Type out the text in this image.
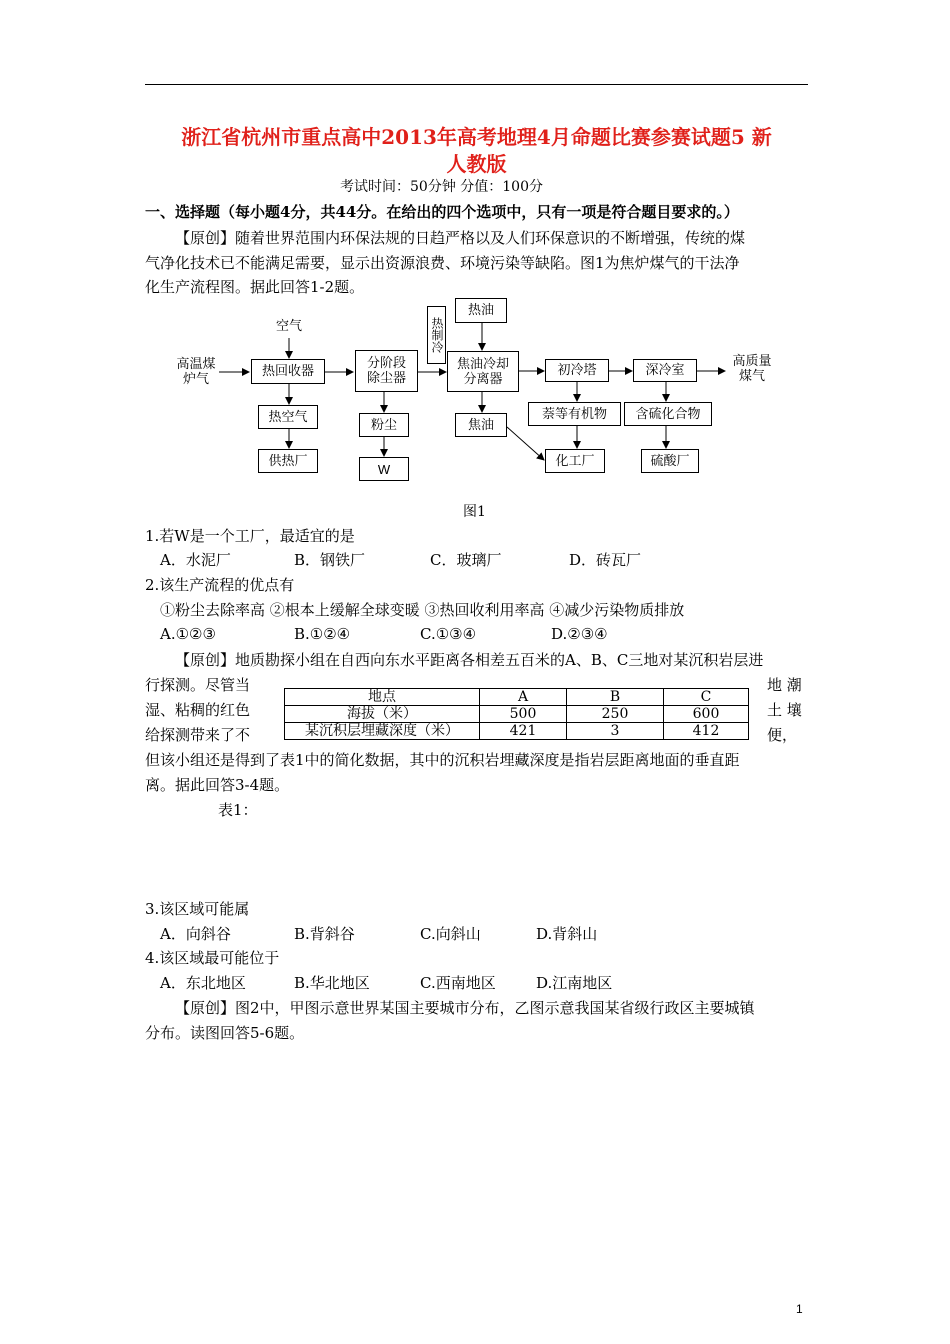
浙江省杭州市重点高中2013年高考地理4月命题比赛参赛试题5 新
人教版
考试时间：50分钟 分值：100分
一、选择题（每小题4分，共44分。在给出的四个选项中，只有一项是符合题目要求的。）
【原创】随着世界范围内环保法规的日趋严格以及人们环保意识的不断增强，传统的煤
气净化技术已不能满足需要，显示出资源浪费、环境污染等缺陷。图1为焦炉煤气的干法净
化生产流程图。据此回答1-2题。
高温煤
炉气
空气
热回收器
热空气
供热厂
分阶段
除尘器
粉尘
W
热油
热制冷
焦油冷却
分离器
焦油
初冷塔	深冷室
萘等有机物	含硫化合物
化工厂	硫酸厂
高质量
煤气
图1
1.若W是一个工厂，最适宜的是
A．水泥厂	B．钢铁厂	C．玻璃厂	D．砖瓦厂
2.该生产流程的优点有
①粉尘去除率高 ②根本上缓解全球变暖 ③热回收利用率高 ④减少污染物质排放
A.①②③	B.①②④	C.①③④	D.②③④
【原创】地质勘探小组在自西向东水平距离各相差五百米的A、B、C三地对某沉积岩层进
行探测。尽管当
湿、粘稠的红色
给探测带来了不
地 潮
土 壤
便，
地点	A	B	C
海拔（米）	500	250	600
某沉积层埋藏深度（米）	421	3	412
但该小组还是得到了表1中的简化数据，其中的沉积岩埋藏深度是指岩层距离地面的垂直距
离。据此回答3-4题。
表1：
3.该区域可能属
A．向斜谷	B.背斜谷	C.向斜山	D.背斜山
4.该区域最可能位于
A．东北地区	B.华北地区	C.西南地区	D.江南地区
【原创】图2中，甲图示意世界某国主要城市分布，乙图示意我国某省级行政区主要城镇
分布。读图回答5-6题。
1
